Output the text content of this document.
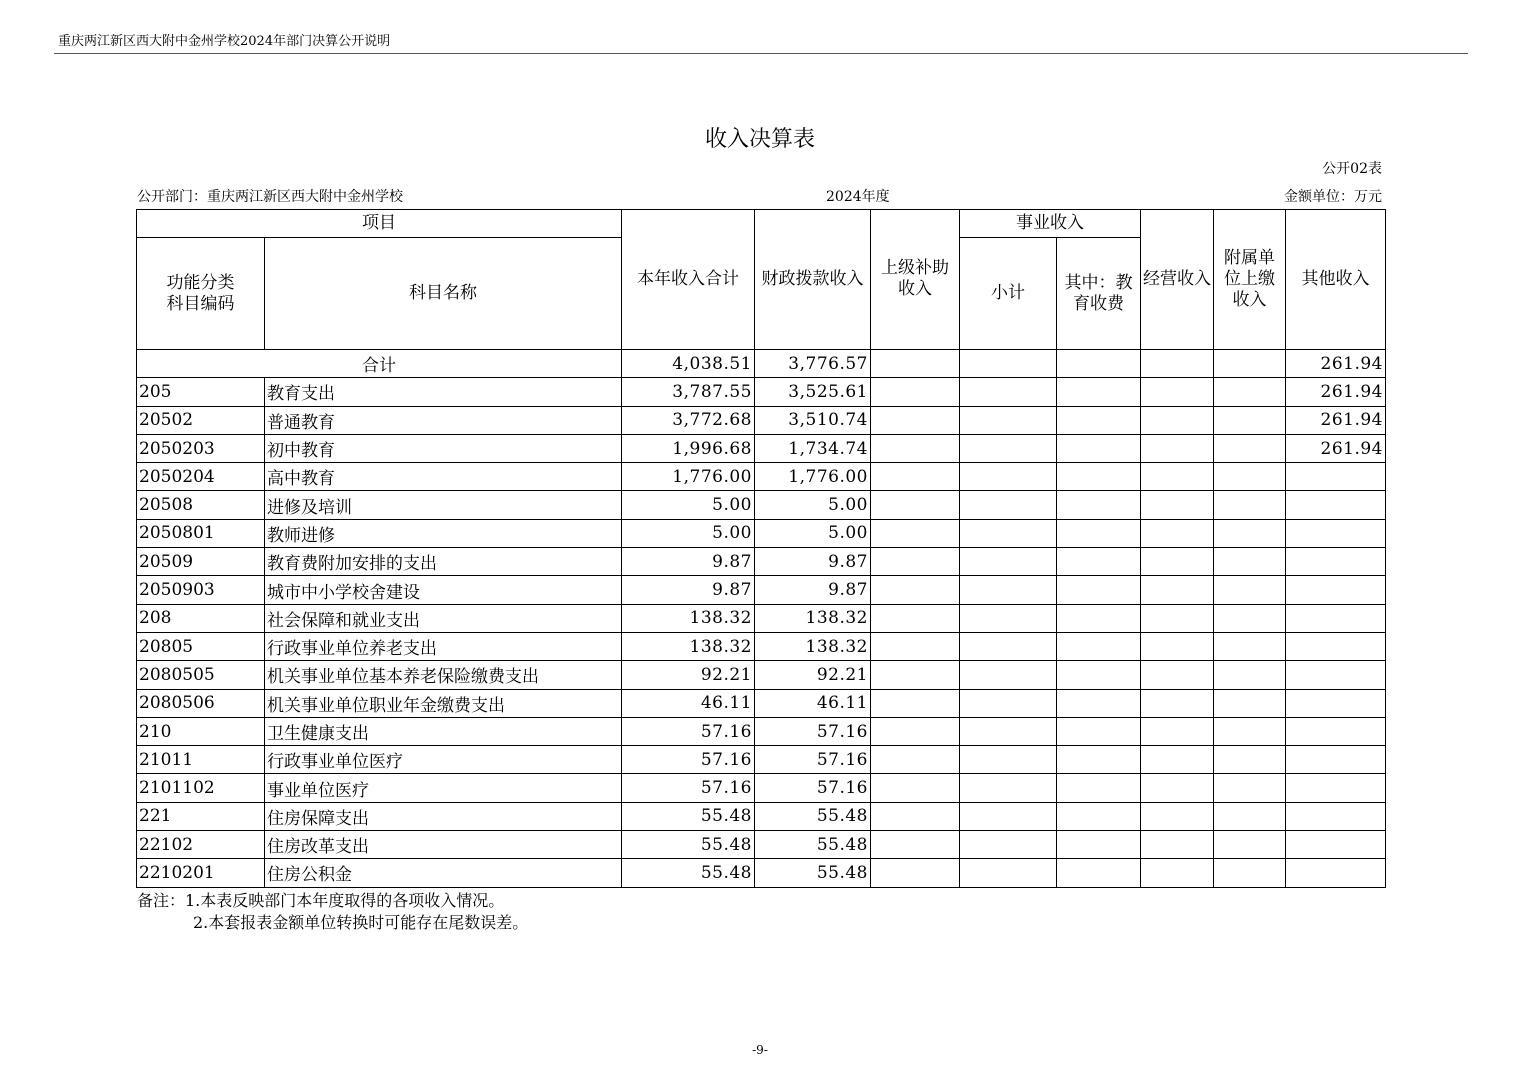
重庆两江新区西大附中金州学校2024年部门决算公开说明
收入决算表
公开02表
公开部门：重庆两江新区西大附中金州学校	2024年度	金额单位：万元
项目		本年收入合计	财政拨款收入	上级补助收入	事业收入		经营收入	附属单位上缴收入	其他收入
功能分类科目编码	科目名称				小计	其中：教育收费			
合计		4,038.51	3,776.57						261.94
205	教育支出	3,787.55	3,525.61						261.94
20502	普通教育	3,772.68	3,510.74						261.94
2050203	初中教育	1,996.68	1,734.74						261.94
2050204	高中教育	1,776.00	1,776.00						
20508	进修及培训	5.00	5.00						
2050801	教师进修	5.00	5.00						
20509	教育费附加安排的支出	9.87	9.87						
2050903	城市中小学校舍建设	9.87	9.87						
208	社会保障和就业支出	138.32	138.32						
20805	行政事业单位养老支出	138.32	138.32						
2080505	机关事业单位基本养老保险缴费支出	92.21	92.21						
2080506	机关事业单位职业年金缴费支出	46.11	46.11						
210	卫生健康支出	57.16	57.16						
21011	行政事业单位医疗	57.16	57.16						
2101102	事业单位医疗	57.16	57.16						
221	住房保障支出	55.48	55.48						
22102	住房改革支出	55.48	55.48						
2210201	住房公积金	55.48	55.48						
备注：1.本表反映部门本年度取得的各项收入情况。
2.本套报表金额单位转换时可能存在尾数误差。
-9-
